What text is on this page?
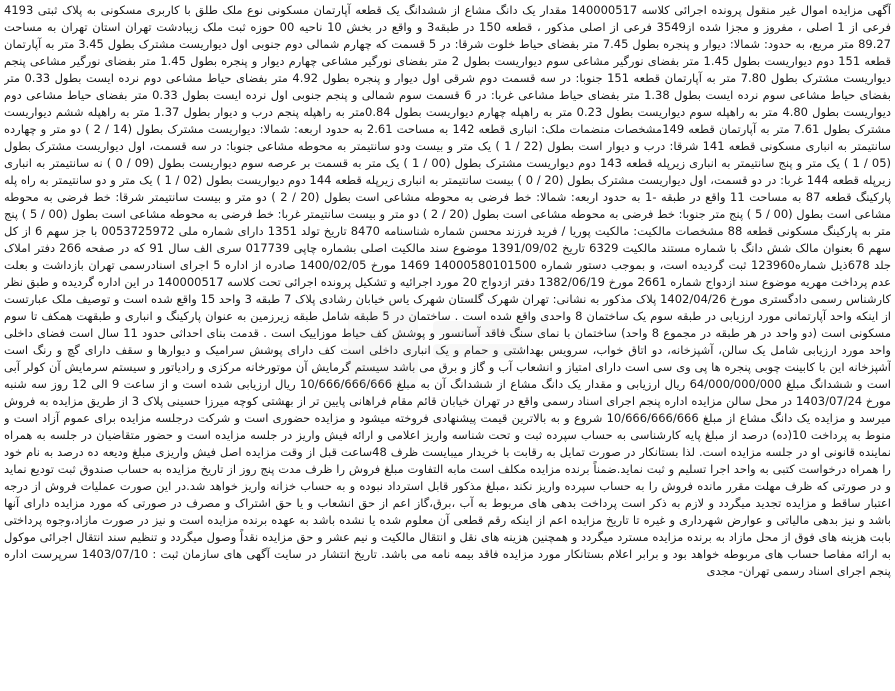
آگهی مزایده اموال غیر منقول پرونده اجرائی کلاسه 140000517 مقدار یک دانگ مشاع از ششدانگ یک قطعه آپارتمان مسکونی نوع ملک طلق با کاربری مسکونی به پلاک ثبتی 4193 فرعی از 1 اصلی ، مفروز و مجزا شده از3549 فرعی از اصلی مذکور ، قطعه 150 در طبقه3 و واقع در بخش 10 ناحیه 00 حوزه ثبت ملک زیبادشت تهران استان تهران به مساحت 89.27 متر مربع، به حدود: شمالا: دیوار و پنجره بطول 7.45 متر بفضای حیاط خلوت شرقا: در 5 قسمت که چهارم شمالی دوم جنوبی اول دیواریست مشترک بطول 3.45 متر به آپارتمان قطعه 151 دوم دیواریست بطول 1.45 متر بفضای نورگیر مشاعی سوم دیواریست بطول 2 متر بفضای نورگیر مشاعی چهارم دیوار و پنجره بطول 1.45 متر بفضای نورگیر مشاعی پنجم دیواریست مشترک بطول 7.80 متر به آپارتمان قطعه 151 جنوبا: در سه قسمت دوم شرقی اول دیوار و پنجره بطول 4.92 متر بفضای حیاط مشاعی دوم نرده ایست بطول 0.33 متر بفضای حیاط مشاعی سوم نرده ایست بطول 1.38 متر بفضای حیاط مشاعی غربا: در 6 قسمت سوم شمالی و پنجم جنوبی اول نرده ایست بطول 0.33 متر بفضای حیاط مشاعی دوم دیواریست بطول 4.80 متر به راهپله سوم دیواریست بطول 0.23 متر به راهپله چهارم دیواریست بطول 0.84متر به راهپله پنجم درب و دیوار بطول 1.37 متر به راهپله ششم دیواریست مشترک بطول 7.61 متر به آپارتمان قطعه 149مشخصات منضمات ملک: انباری قطعه 142 به مساحت 2.61 به حدود اربعه: شمالا: دیواریست مشترک بطول (14 / 2 ) دو متر و چهارده سانتیمتر به انباری مسکونی قطعه 141 شرقا: درب و دیوار است بطول (22 / 1 ) یک متر و بیست ودو سانتیمتر به محوطه مشاعی جنوبا: در سه قسمت، اول دیواریست مشترک بطول (05 / 1 ) یک متر و پنج سانتیمتر به انباری زیرپله قطعه 143 دوم دیواریست مشترک بطول (00 / 1 ) یک متر به قسمت بر عرصه سوم دیواریست بطول (09 / 0 ) نه سانتیمتر به انباری زیرپله قطعه 144 غربا: در دو قسمت، اول دیواریست مشترک بطول (20 / 0 ) بیست سانتیمتر به انباری زیرپله قطعه 144 دوم دیواریست بطول (02 / 1 ) یک متر و دو سانتیمتر به راه پله پارکینگ قطعه 87 به مساحت 11 واقع در طبقه -1 به حدود اربعه: شمالا: خط فرضی به محوطه مشاعی است بطول (20 / 2 ) دو متر و بیست سانتیمتر شرقا: خط فرضی به محوطه مشاعی است بطول (00 / 5 ) پنج متر جنوبا: خط فرضی به محوطه مشاعی است بطول (20 / 2 ) دو متر و بیست سانتیمتر غربا: خط فرضی به محوطه مشاعی است بطول (00 / 5 ) پنج متر به پارکینگ مسکونی قطعه 88 مشخصات مالکیت: مالکیت پوریا / فرید فرزند محسن شماره شناسنامه 8470 تاریخ تولد 1351 دارای شماره ملی 0053725972 با جز سهم 6 از کل سهم 6 بعنوان مالک شش دانگ با شماره مستند مالکیت 6329 تاریخ 1391/09/02 موضوع سند مالکیت اصلی بشماره چاپی 017739 سری الف سال 91 که در صفحه 266 دفتر املاک جلد 678ذیل شماره123960 ثبت گردیده است، و بموجب دستور شماره 14000580101500 1469 مورخ 1400/02/05 صادره از اداره 5 اجرای اسنادرسمی تهران بازداشت و بعلت عدم پرداخت مهریه موضوع سند ازدواج شماره 2661 مورخ 1382/06/19 دفتر ازدواج 20 مورد اجرائیه و تشکیل پرونده اجرائی تحت کلاسه 140000517 در این اداره گردیده و طبق نظر کارشناس رسمی دادگستری مورخ 1402/04/26 پلاک مذکور به نشانی: تهران شهرک گلستان شهرک یاس خیابان رشادی پلاک 7 طبقه 3 واحد 15 واقع شده است و توصیف ملک عبارتست از اینکه واحد آپارتمانی مورد ارزیابی در طبقه سوم یک ساختمان 8 واحدی واقع شده است . ساختمان در 5 طبقه شامل طبقه زیرزمین به عنوان پارکینگ و انباری و طبقهت همکف تا سوم مسکونی است (دو واحد در هر طبقه در مجموع 8 واحد) ساختمان با نمای سنگ فاقد آسانسور و پوشش کف حیاط موزاییک است . قدمت بنای احداثی حدود 11 سال است فضای داخلی واحد مورد ارزیابی شامل یک سالن، آشپزخانه، دو اتاق خواب، سرویس بهداشتی و حمام و یک انباری داخلی است کف دارای پوشش سرامیک و دیوارها و سقف دارای گچ و رنگ است آشپزخانه این با کابینت چوبی پنجره ها پی وی سی است دارای امتیاز و انشعاب آب و گاز و برق می باشد سیستم گرمایش آن موتورخانه مرکزی و رادیاتور و سیستم سرمایش آن کولر آبی است و ششدانگ مبلغ 64/000/000/000 ریال ارزیابی و مقدار یک دانگ مشاع از ششدانگ آن به مبلغ 10/666/666/666 ریال ارزیابی شده است و از ساعت 9 الی 12 روز سه شنبه مورخ 1403/07/24 در محل سالن مزایده اداره پنجم اجرای اسناد رسمی واقع در تهران خیابان قائم مقام فراهانی پایین تر از بهشتی کوچه میرزا حسینی پلاک 3 از طریق مزایده به فروش میرسد و مزایده یک دانگ مشاع از مبلغ 10/666/666/666 شروع و به بالاترین قیمت پیشنهادی فروخته میشود و مزایده حضوری است و شرکت درجلسه مزایده برای عموم آزاد است و منوط به پرداخت 10(ده) درصد از مبلغ پایه کارشناسی به حساب سپرده ثبت و تحت شناسه واریز اعلامی و ارائه فیش واریز در جلسه مزایده است و حضور متقاضیان در جلسه به همراه نماینده قانونی او در جلسه مزایده است. لذا بستانکار در صورت تمایل به رقابت با خریدار میبایست ظرف 48ساعت قبل از وقت مزایده اصل فیش واریزی مبلغ ودیعه ده درصد به نام خود را همراه درخواست کتبی به واحد اجرا تسلیم و ثبت نماید.ضمناً برنده مزایده مکلف است مابه التفاوت مبلغ فروش را ظرف مدت پنج روز از تاریخ مزایده به حساب صندوق ثبت تودیع نماید و در صورتی که ظرف مهلت مقرر مانده فروش را به حساب سپرده واریز نکند ،مبلغ مذکور قابل استرداد نبوده و به حساب خزانه واریز خواهد شد.در این صورت عملیات فروش از درجه اعتبار ساقط و مزایده تجدید میگردد و لازم به ذکر است پرداخت بدهی های مربوط به آب ،برق،گاز اعم از حق انشعاب و یا حق اشتراک و مصرف در صورتی که مورد مزایده دارای آنها باشد و نیز بدهی مالیاتی و عوارض شهرداری و غیره تا تاریخ مزایده اعم از اینکه رقم قطعی آن معلوم شده یا نشده باشد به عهده برنده مزایده است و نیز در صورت مازاد،وجوه پرداختی بابت هزینه های فوق از محل مازاد به برنده مزایده مسترد میگردد و همچنین هزینه های نقل و انتقال مالکیت و نیم عشر و حق مزایده نقداً وصول میگردد و تنظیم سند انتقال اجرائی موکول به ارائه مفاصا حساب های مربوطه خواهد بود و برابر اعلام بستانکار مورد مزایده فاقد بیمه نامه می باشد. تاریخ انتشار در سایت آگهی های سازمان ثبت : 1403/07/10 سرپرست اداره پنجم اجرای اسناد رسمی تهران- مجدی
